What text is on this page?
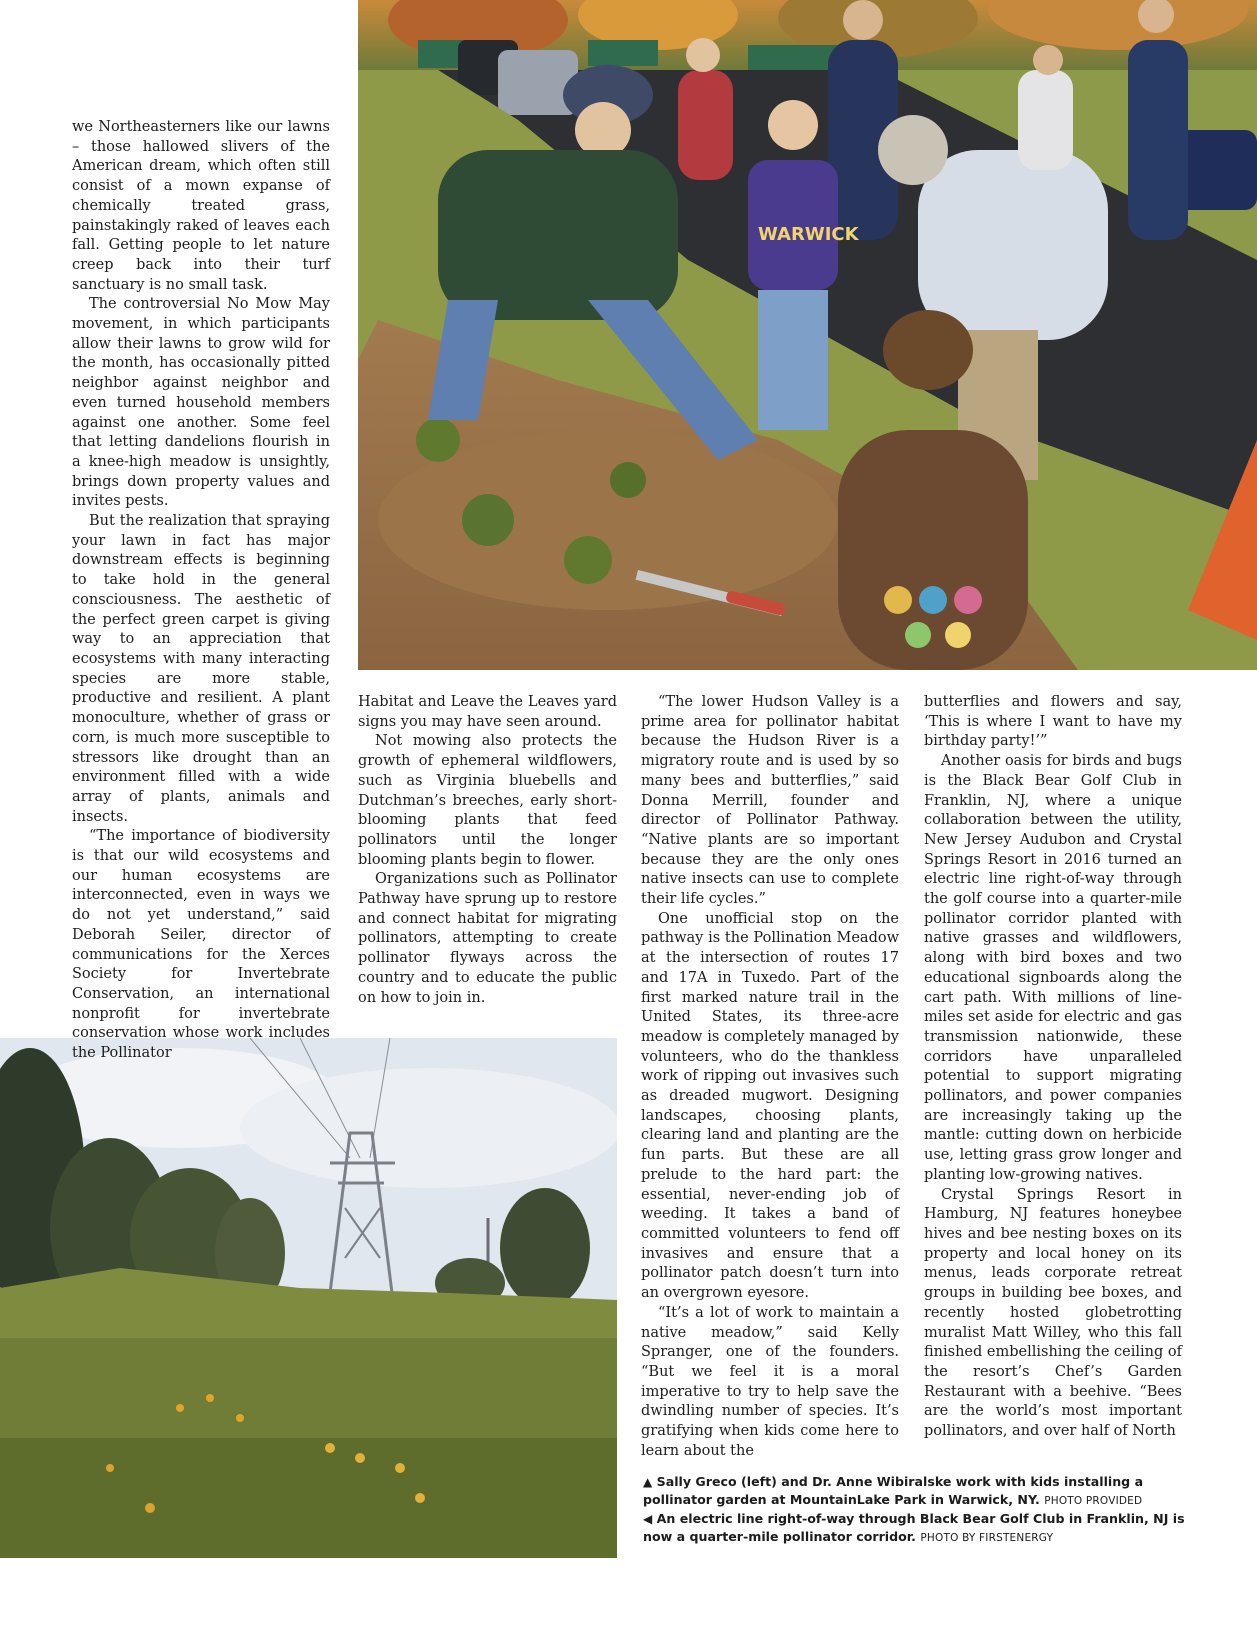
WARWICK

we Northeasterners like our lawns – those hallowed slivers of the American dream, which often still consist of a mown expanse of chemically treated grass, painstakingly raked of leaves each fall. Getting people to let nature creep back into their turf sanctuary is no small task.

The controversial No Mow May movement, in which participants allow their lawns to grow wild for the month, has occasionally pitted neighbor against neighbor and even turned household members against one another. Some feel that letting dandelions flourish in a knee-high meadow is unsightly, brings down property values and invites pests.

But the realization that spraying your lawn in fact has major downstream effects is beginning to take hold in the general consciousness. The aesthetic of the perfect green carpet is giving way to an appreciation that ecosystems with many interacting species are more stable, productive and resilient. A plant monoculture, whether of grass or corn, is much more susceptible to stressors like drought than an environment filled with a wide array of plants, animals and insects.

“The importance of biodiversity is that our wild ecosystems and our human ecosystems are interconnected, even in ways we do not yet understand,” said Deborah Seiler, director of communications for the Xerces Society for Invertebrate Conservation, an international nonprofit for invertebrate conservation whose work includes the Pollinator

Habitat and Leave the Leaves yard signs you may have seen around.

Not mowing also protects the growth of ephemeral wildflowers, such as Virginia bluebells and Dutchman’s breeches, early short-blooming plants that feed pollinators until the longer blooming plants begin to flower.

Organizations such as Pollinator Pathway have sprung up to restore and connect habitat for migrating pollinators, attempting to create pollinator flyways across the country and to educate the public on how to join in.

“The lower Hudson Valley is a prime area for pollinator habitat because the Hudson River is a migratory route and is used by so many bees and butterflies,” said Donna Merrill, founder and director of Pollinator Pathway. “Native plants are so important because they are the only ones native insects can use to complete their life cycles.”

One unofficial stop on the pathway is the Pollination Meadow at the intersection of routes 17 and 17A in Tuxedo. Part of the first marked nature trail in the United States, its three-acre meadow is completely managed by volunteers, who do the thankless work of ripping out invasives such as dreaded mugwort. Designing landscapes, choosing plants, clearing land and planting are the fun parts. But these are all prelude to the hard part: the essential, never-ending job of weeding. It takes a band of committed volunteers to fend off invasives and ensure that a pollinator patch doesn’t turn into an overgrown eyesore.

“It’s a lot of work to maintain a native meadow,” said Kelly Spranger, one of the founders. “But we feel it is a moral imperative to try to help save the dwindling number of species. It’s gratifying when kids come here to learn about the

butterflies and flowers and say, ‘This is where I want to have my birthday party!’”

Another oasis for birds and bugs is the Black Bear Golf Club in Franklin, NJ, where a unique collaboration between the utility, New Jersey Audubon and Crystal Springs Resort in 2016 turned an electric line right-of-way through the golf course into a quarter-mile pollinator corridor planted with native grasses and wildflowers, along with bird boxes and two educational signboards along the cart path. With millions of line-miles set aside for electric and gas transmission nationwide, these corridors have unparalleled potential to support migrating pollinators, and power companies are increasingly taking up the mantle: cutting down on herbicide use, letting grass grow longer and planting low-growing natives.

Crystal Springs Resort in Hamburg, NJ features honeybee hives and bee nesting boxes on its property and local honey on its menus, leads corporate retreat groups in building bee boxes, and recently hosted globetrotting muralist Matt Willey, who this fall finished embellishing the ceiling of the resort’s Chef’s Garden Restaurant with a beehive. “Bees are the world’s most important pollinators, and over half of North

▲ Sally Greco (left) and Dr. Anne Wibiralske work with kids installing a pollinator garden at MountainLake Park in Warwick, NY. PHOTO PROVIDED

◀ An electric line right-of-way through Black Bear Golf Club in Franklin, NJ is now a quarter-mile pollinator corridor. PHOTO BY FIRSTENERGY
